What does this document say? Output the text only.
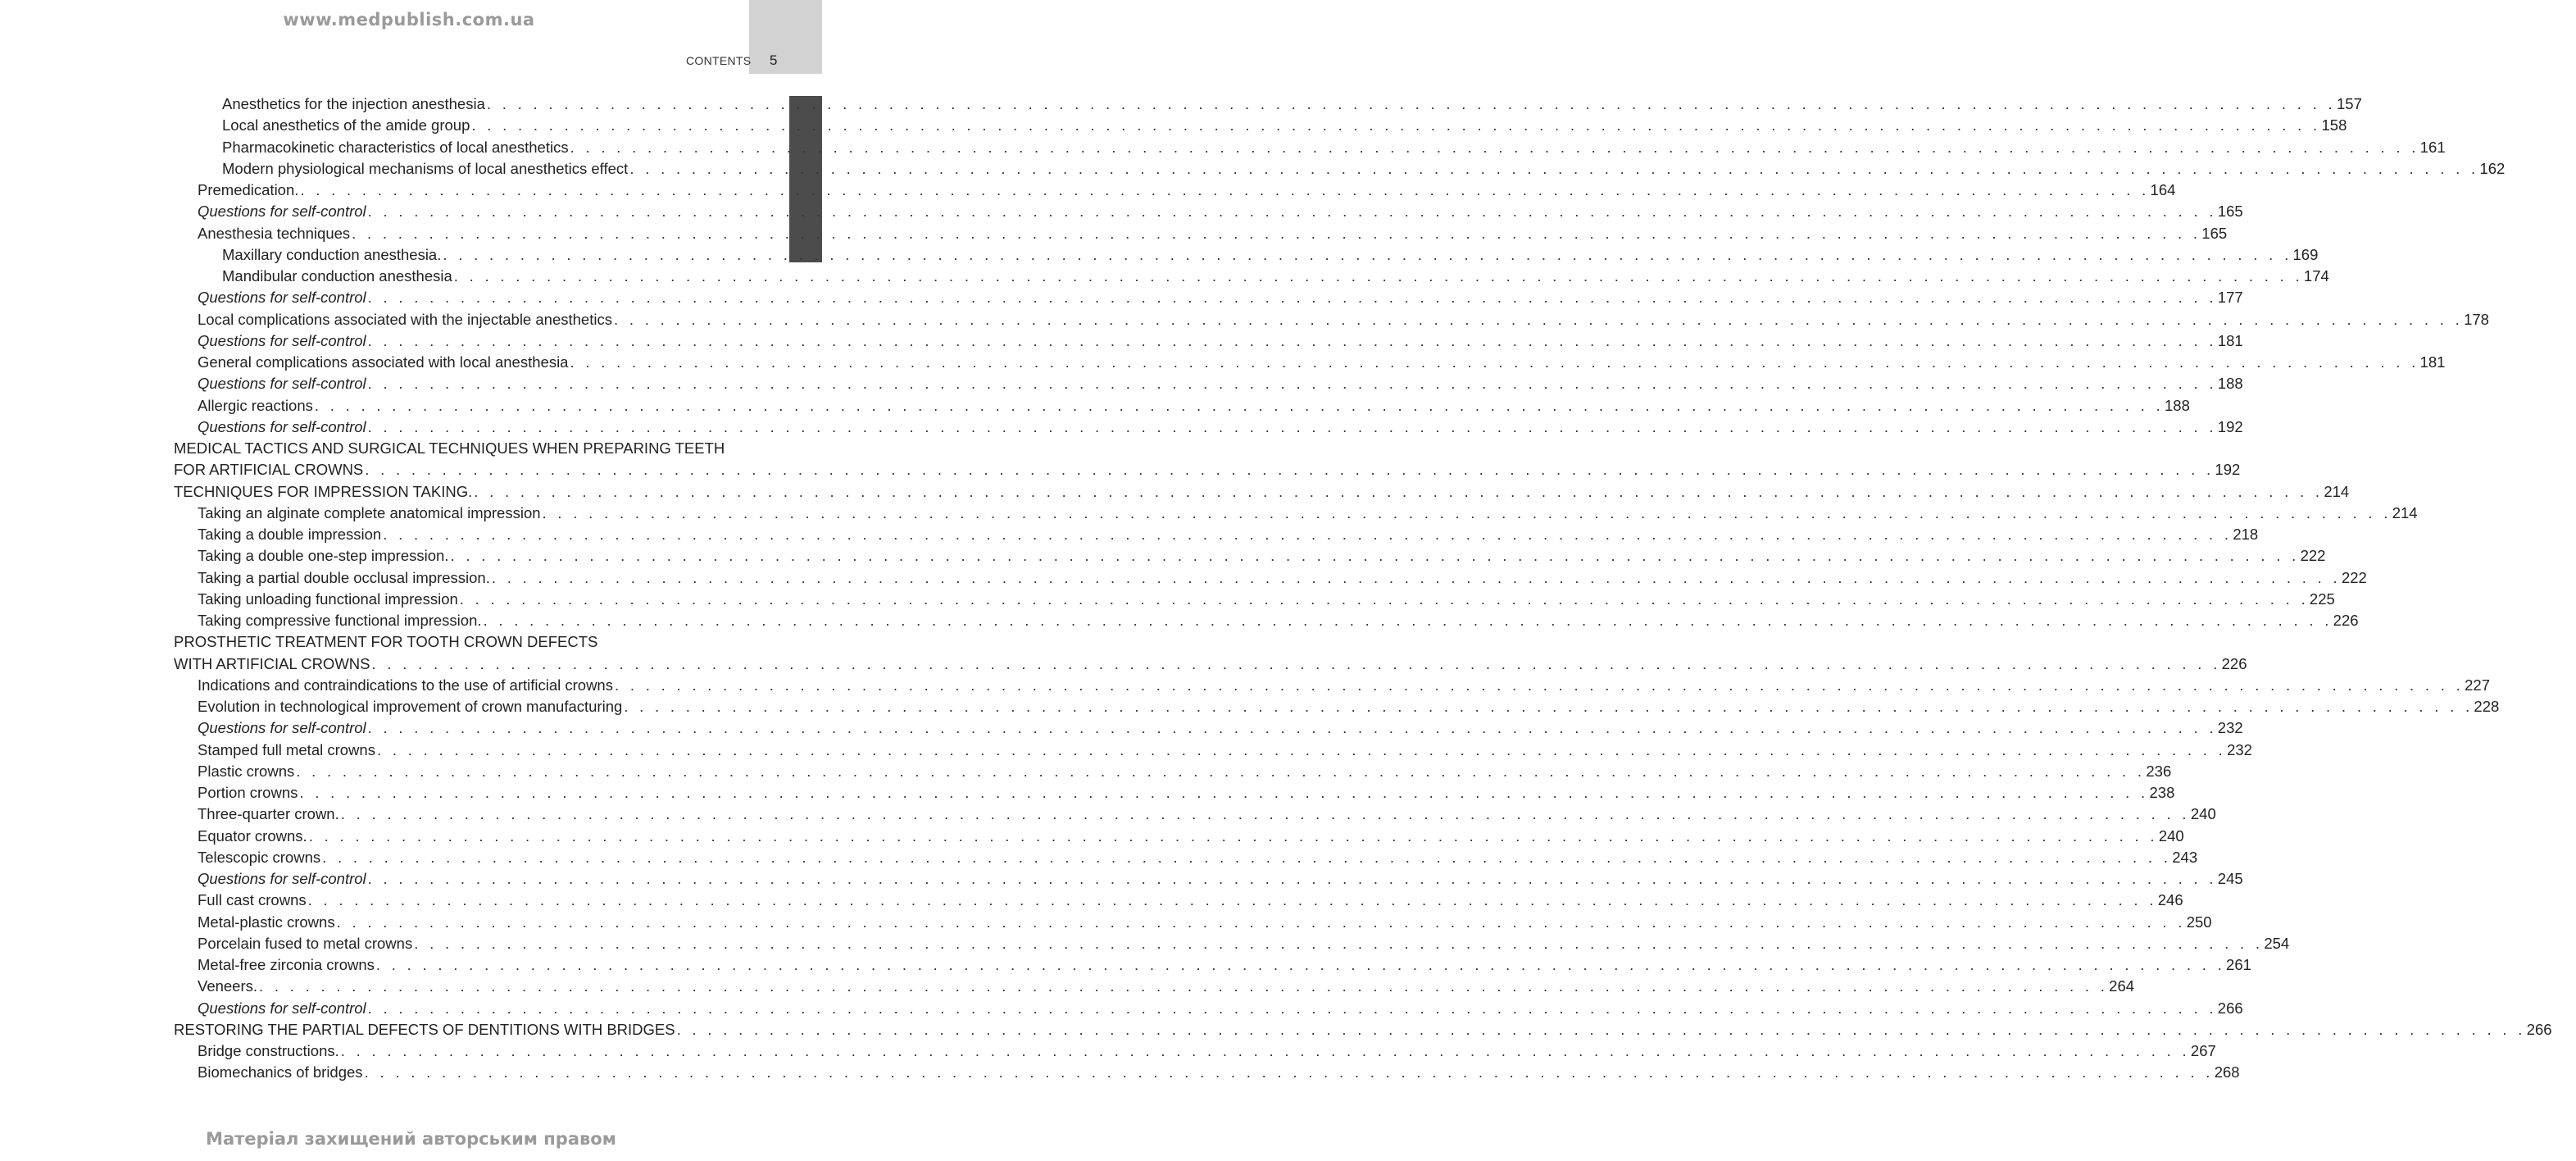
www.medpublish.com.ua
CONTENTS 5
Anesthetics for the injection anesthesia . . . . . . . . . . . . . . . . . . . . . . . . . . . . . . . . . . . . . . . . . . . . . . . . . . . . . . . . . . . . . . . . . . . . . . . . . . . . . . . . . . . . . . . . . . . . . . . . . . . . . . . . . . . . . . . . . . . . . . . . 157
Local anesthetics of the amide group . . . . . . . . . . . . . . . . . . . . . . . . . . . . . . . . . . . . . . . . . . . . . . . . . . . . . . . . . . . . . . . . . . . . . . . . . . . . . . . . . . . . . . . . . . . . . . . . . . . . . . . . . . . . . . . . . . . . . . . . 158
Pharmacokinetic characteristics of local anesthetics . . . . . . . . . . . . . . . . . . . . . . . . . . . . . . . . . . . . . . . . . . . . . . . . . . . . . . . . . . . . . . . . . . . . . . . . . . . . . . . . . . . . . . . . . . . . . . . . . . . . . . . . . . . . . . . . . . . . . . . . 161
Modern physiological mechanisms of local anesthetics effect . . . . . . . . . . . . . . . . . . . . . . . . . . . . . . . . . . . . . . . . . . . . . . . . . . . . . . . . . . . . . . . . . . . . . . . . . . . . . . . . . . . . . . . . . . . . . . . . . . . . . . . . . . . . . . . . . . . . . . . . 162
Premedication. . . . . . . . . . . . . . . . . . . . . . . . . . . . . . . . . . . . . . . . . . . . . . . . . . . . . . . . . . . . . . . . . . . . . . . . . . . . . . . . . . . . . . . . . . . . . . . . . . . . . . . . . . . . . . . . . . . . . . . . . 164
Questions for self-control . . . . . . . . . . . . . . . . . . . . . . . . . . . . . . . . . . . . . . . . . . . . . . . . . . . . . . . . . . . . . . . . . . . . . . . . . . . . . . . . . . . . . . . . . . . . . . . . . . . . . . . . . . . . . . . . . . . . . . . . 165
Anesthesia techniques . . . . . . . . . . . . . . . . . . . . . . . . . . . . . . . . . . . . . . . . . . . . . . . . . . . . . . . . . . . . . . . . . . . . . . . . . . . . . . . . . . . . . . . . . . . . . . . . . . . . . . . . . . . . . . . . . . . . . . . . 165
Maxillary conduction anesthesia. . . . . . . . . . . . . . . . . . . . . . . . . . . . . . . . . . . . . . . . . . . . . . . . . . . . . . . . . . . . . . . . . . . . . . . . . . . . . . . . . . . . . . . . . . . . . . . . . . . . . . . . . . . . . . . . . . . . . . . . . 169
Mandibular conduction anesthesia . . . . . . . . . . . . . . . . . . . . . . . . . . . . . . . . . . . . . . . . . . . . . . . . . . . . . . . . . . . . . . . . . . . . . . . . . . . . . . . . . . . . . . . . . . . . . . . . . . . . . . . . . . . . . . . . . . . . . . . . 174
Questions for self-control . . . . . . . . . . . . . . . . . . . . . . . . . . . . . . . . . . . . . . . . . . . . . . . . . . . . . . . . . . . . . . . . . . . . . . . . . . . . . . . . . . . . . . . . . . . . . . . . . . . . . . . . . . . . . . . . . . . . . . . . 177
Local complications associated with the injectable anesthetics . . . . . . . . . . . . . . . . . . . . . . . . . . . . . . . . . . . . . . . . . . . . . . . . . . . . . . . . . . . . . . . . . . . . . . . . . . . . . . . . . . . . . . . . . . . . . . . . . . . . . . . . . . . . . . . . . . . . . . . . 178
Questions for self-control . . . . . . . . . . . . . . . . . . . . . . . . . . . . . . . . . . . . . . . . . . . . . . . . . . . . . . . . . . . . . . . . . . . . . . . . . . . . . . . . . . . . . . . . . . . . . . . . . . . . . . . . . . . . . . . . . . . . . . . . 181
General complications associated with local anesthesia . . . . . . . . . . . . . . . . . . . . . . . . . . . . . . . . . . . . . . . . . . . . . . . . . . . . . . . . . . . . . . . . . . . . . . . . . . . . . . . . . . . . . . . . . . . . . . . . . . . . . . . . . . . . . . . . . . . . . . . . 181
Questions for self-control . . . . . . . . . . . . . . . . . . . . . . . . . . . . . . . . . . . . . . . . . . . . . . . . . . . . . . . . . . . . . . . . . . . . . . . . . . . . . . . . . . . . . . . . . . . . . . . . . . . . . . . . . . . . . . . . . . . . . . . . 188
Allergic reactions . . . . . . . . . . . . . . . . . . . . . . . . . . . . . . . . . . . . . . . . . . . . . . . . . . . . . . . . . . . . . . . . . . . . . . . . . . . . . . . . . . . . . . . . . . . . . . . . . . . . . . . . . . . . . . . . . . . . . . . . 188
Questions for self-control . . . . . . . . . . . . . . . . . . . . . . . . . . . . . . . . . . . . . . . . . . . . . . . . . . . . . . . . . . . . . . . . . . . . . . . . . . . . . . . . . . . . . . . . . . . . . . . . . . . . . . . . . . . . . . . . . . . . . . . . 192
MEDICAL TACTICS AND SURGICAL TECHNIQUES WHEN PREPARING TEETH
FOR ARTIFICIAL CROWNS . . . . . . . . . . . . . . . . . . . . . . . . . . . . . . . . . . . . . . . . . . . . . . . . . . . . . . . . . . . . . . . . . . . . . . . . . . . . . . . . . . . . . . . . . . . . . . . . . . . . . . . . . . . . . . . . . . . . . . . . 192
TECHNIQUES FOR IMPRESSION TAKING. . . . . . . . . . . . . . . . . . . . . . . . . . . . . . . . . . . . . . . . . . . . . . . . . . . . . . . . . . . . . . . . . . . . . . . . . . . . . . . . . . . . . . . . . . . . . . . . . . . . . . . . . . . . . . . . . . . . . . . . . 214
Taking an alginate complete anatomical impression . . . . . . . . . . . . . . . . . . . . . . . . . . . . . . . . . . . . . . . . . . . . . . . . . . . . . . . . . . . . . . . . . . . . . . . . . . . . . . . . . . . . . . . . . . . . . . . . . . . . . . . . . . . . . . . . . . . . . . . . 214
Taking a double impression . . . . . . . . . . . . . . . . . . . . . . . . . . . . . . . . . . . . . . . . . . . . . . . . . . . . . . . . . . . . . . . . . . . . . . . . . . . . . . . . . . . . . . . . . . . . . . . . . . . . . . . . . . . . . . . . . . . . . . . . 218
Taking a double one-step impression. . . . . . . . . . . . . . . . . . . . . . . . . . . . . . . . . . . . . . . . . . . . . . . . . . . . . . . . . . . . . . . . . . . . . . . . . . . . . . . . . . . . . . . . . . . . . . . . . . . . . . . . . . . . . . . . . . . . . . . . . 222
Taking a partial double occlusal impression. . . . . . . . . . . . . . . . . . . . . . . . . . . . . . . . . . . . . . . . . . . . . . . . . . . . . . . . . . . . . . . . . . . . . . . . . . . . . . . . . . . . . . . . . . . . . . . . . . . . . . . . . . . . . . . . . . . . . . . . . 222
Taking unloading functional impression . . . . . . . . . . . . . . . . . . . . . . . . . . . . . . . . . . . . . . . . . . . . . . . . . . . . . . . . . . . . . . . . . . . . . . . . . . . . . . . . . . . . . . . . . . . . . . . . . . . . . . . . . . . . . . . . . . . . . . . . 225
Taking compressive functional impression. . . . . . . . . . . . . . . . . . . . . . . . . . . . . . . . . . . . . . . . . . . . . . . . . . . . . . . . . . . . . . . . . . . . . . . . . . . . . . . . . . . . . . . . . . . . . . . . . . . . . . . . . . . . . . . . . . . . . . . . . 226
PROSTHETIC TREATMENT FOR TOOTH CROWN DEFECTS
WITH ARTIFICIAL CROWNS . . . . . . . . . . . . . . . . . . . . . . . . . . . . . . . . . . . . . . . . . . . . . . . . . . . . . . . . . . . . . . . . . . . . . . . . . . . . . . . . . . . . . . . . . . . . . . . . . . . . . . . . . . . . . . . . . . . . . . . . 226
Indications and contraindications to the use of artificial crowns . . . . . . . . . . . . . . . . . . . . . . . . . . . . . . . . . . . . . . . . . . . . . . . . . . . . . . . . . . . . . . . . . . . . . . . . . . . . . . . . . . . . . . . . . . . . . . . . . . . . . . . . . . . . . . . . . . . . . . . . 227
Evolution in technological improvement of crown manufacturing . . . . . . . . . . . . . . . . . . . . . . . . . . . . . . . . . . . . . . . . . . . . . . . . . . . . . . . . . . . . . . . . . . . . . . . . . . . . . . . . . . . . . . . . . . . . . . . . . . . . . . . . . . . . . . . . . . . . . . . . 228
Questions for self-control . . . . . . . . . . . . . . . . . . . . . . . . . . . . . . . . . . . . . . . . . . . . . . . . . . . . . . . . . . . . . . . . . . . . . . . . . . . . . . . . . . . . . . . . . . . . . . . . . . . . . . . . . . . . . . . . . . . . . . . . 232
Stamped full metal crowns . . . . . . . . . . . . . . . . . . . . . . . . . . . . . . . . . . . . . . . . . . . . . . . . . . . . . . . . . . . . . . . . . . . . . . . . . . . . . . . . . . . . . . . . . . . . . . . . . . . . . . . . . . . . . . . . . . . . . . . . 232
Plastic crowns . . . . . . . . . . . . . . . . . . . . . . . . . . . . . . . . . . . . . . . . . . . . . . . . . . . . . . . . . . . . . . . . . . . . . . . . . . . . . . . . . . . . . . . . . . . . . . . . . . . . . . . . . . . . . . . . . . . . . . . . 236
Portion crowns . . . . . . . . . . . . . . . . . . . . . . . . . . . . . . . . . . . . . . . . . . . . . . . . . . . . . . . . . . . . . . . . . . . . . . . . . . . . . . . . . . . . . . . . . . . . . . . . . . . . . . . . . . . . . . . . . . . . . . . . 238
Three-quarter crown. . . . . . . . . . . . . . . . . . . . . . . . . . . . . . . . . . . . . . . . . . . . . . . . . . . . . . . . . . . . . . . . . . . . . . . . . . . . . . . . . . . . . . . . . . . . . . . . . . . . . . . . . . . . . . . . . . . . . . . . . 240
Equator crowns. . . . . . . . . . . . . . . . . . . . . . . . . . . . . . . . . . . . . . . . . . . . . . . . . . . . . . . . . . . . . . . . . . . . . . . . . . . . . . . . . . . . . . . . . . . . . . . . . . . . . . . . . . . . . . . . . . . . . . . . . 240
Telescopic crowns . . . . . . . . . . . . . . . . . . . . . . . . . . . . . . . . . . . . . . . . . . . . . . . . . . . . . . . . . . . . . . . . . . . . . . . . . . . . . . . . . . . . . . . . . . . . . . . . . . . . . . . . . . . . . . . . . . . . . . . . 243
Questions for self-control . . . . . . . . . . . . . . . . . . . . . . . . . . . . . . . . . . . . . . . . . . . . . . . . . . . . . . . . . . . . . . . . . . . . . . . . . . . . . . . . . . . . . . . . . . . . . . . . . . . . . . . . . . . . . . . . . . . . . . . . 245
Full cast crowns . . . . . . . . . . . . . . . . . . . . . . . . . . . . . . . . . . . . . . . . . . . . . . . . . . . . . . . . . . . . . . . . . . . . . . . . . . . . . . . . . . . . . . . . . . . . . . . . . . . . . . . . . . . . . . . . . . . . . . . . 246
Metal-plastic crowns . . . . . . . . . . . . . . . . . . . . . . . . . . . . . . . . . . . . . . . . . . . . . . . . . . . . . . . . . . . . . . . . . . . . . . . . . . . . . . . . . . . . . . . . . . . . . . . . . . . . . . . . . . . . . . . . . . . . . . . . 250
Porcelain fused to metal crowns . . . . . . . . . . . . . . . . . . . . . . . . . . . . . . . . . . . . . . . . . . . . . . . . . . . . . . . . . . . . . . . . . . . . . . . . . . . . . . . . . . . . . . . . . . . . . . . . . . . . . . . . . . . . . . . . . . . . . . . . 254
Metal-free zirconia crowns . . . . . . . . . . . . . . . . . . . . . . . . . . . . . . . . . . . . . . . . . . . . . . . . . . . . . . . . . . . . . . . . . . . . . . . . . . . . . . . . . . . . . . . . . . . . . . . . . . . . . . . . . . . . . . . . . . . . . . . . 261
Veneers. . . . . . . . . . . . . . . . . . . . . . . . . . . . . . . . . . . . . . . . . . . . . . . . . . . . . . . . . . . . . . . . . . . . . . . . . . . . . . . . . . . . . . . . . . . . . . . . . . . . . . . . . . . . . . . . . . . . . . . . . 264
Questions for self-control . . . . . . . . . . . . . . . . . . . . . . . . . . . . . . . . . . . . . . . . . . . . . . . . . . . . . . . . . . . . . . . . . . . . . . . . . . . . . . . . . . . . . . . . . . . . . . . . . . . . . . . . . . . . . . . . . . . . . . . . 266
RESTORING THE PARTIAL DEFECTS OF DENTITIONS WITH BRIDGES . . . . . . . . . . . . . . . . . . . . . . . . . . . . . . . . . . . . . . . . . . . . . . . . . . . . . . . . . . . . . . . . . . . . . . . . . . . . . . . . . . . . . . . . . . . . . . . . . . . . . . . . . . . . . . . . . . . . . . . . 266
Bridge constructions. . . . . . . . . . . . . . . . . . . . . . . . . . . . . . . . . . . . . . . . . . . . . . . . . . . . . . . . . . . . . . . . . . . . . . . . . . . . . . . . . . . . . . . . . . . . . . . . . . . . . . . . . . . . . . . . . . . . . . . . . 267
Biomechanics of bridges . . . . . . . . . . . . . . . . . . . . . . . . . . . . . . . . . . . . . . . . . . . . . . . . . . . . . . . . . . . . . . . . . . . . . . . . . . . . . . . . . . . . . . . . . . . . . . . . . . . . . . . . . . . . . . . . . . . . . . . . 268
Матеріал захищений авторським правом
